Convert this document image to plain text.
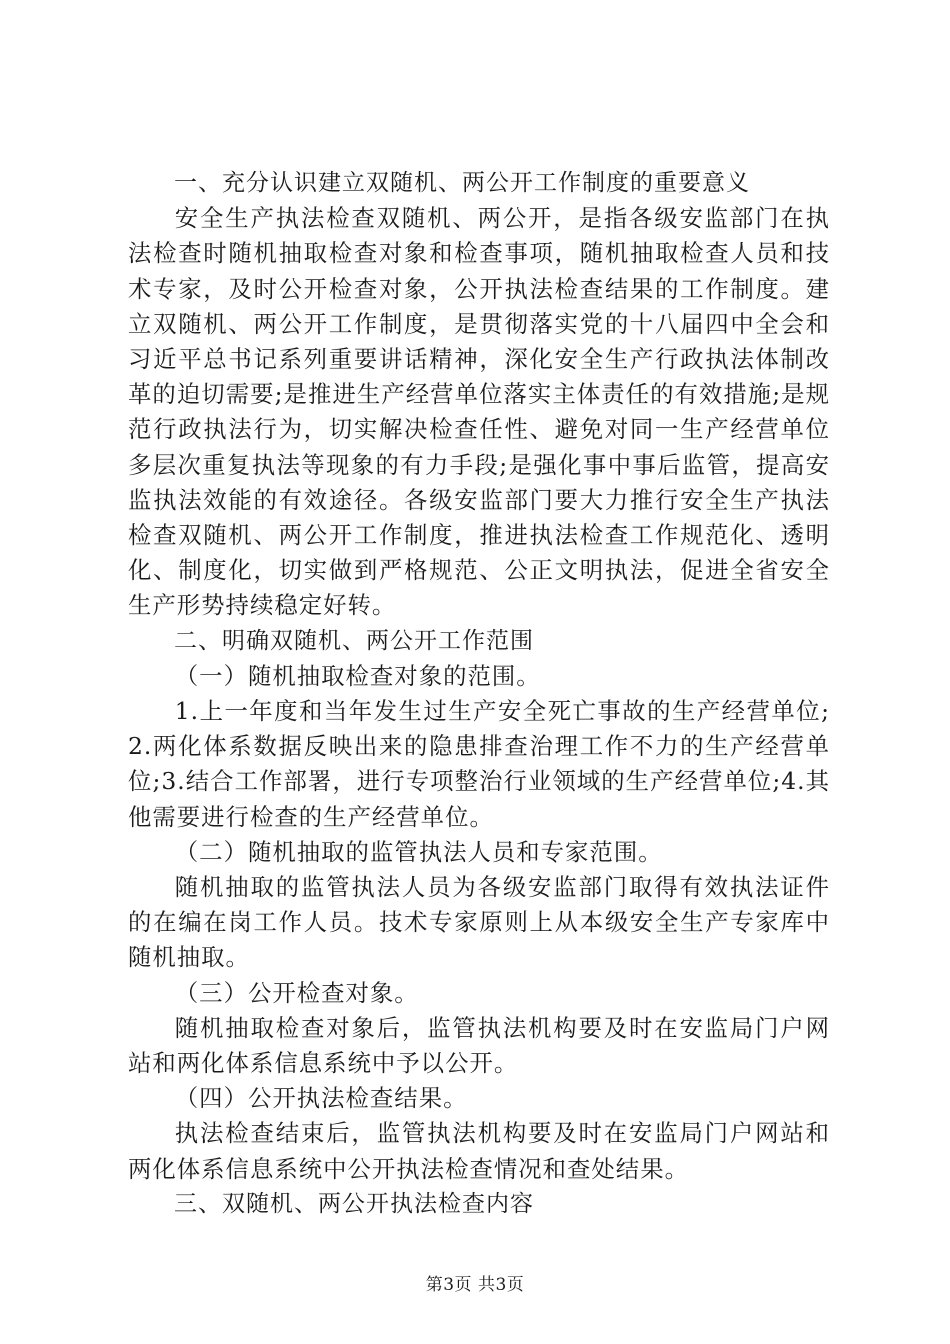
一、充分认识建立双随机、两公开工作制度的重要意义

安全生产执法检查双随机、两公开，是指各级安监部门在执法检查时随机抽取检查对象和检查事项，随机抽取检查人员和技术专家，及时公开检查对象，公开执法检查结果的工作制度。建立双随机、两公开工作制度，是贯彻落实党的十八届四中全会和习近平总书记系列重要讲话精神，深化安全生产行政执法体制改革的迫切需要;是推进生产经营单位落实主体责任的有效措施;是规范行政执法行为，切实解决检查任性、避免对同一生产经营单位多层次重复执法等现象的有力手段;是强化事中事后监管，提高安监执法效能的有效途径。各级安监部门要大力推行安全生产执法检查双随机、两公开工作制度，推进执法检查工作规范化、透明化、制度化，切实做到严格规范、公正文明执法，促进全省安全生产形势持续稳定好转。

二、明确双随机、两公开工作范围

（一）随机抽取检查对象的范围。

1.上一年度和当年发生过生产安全死亡事故的生产经营单位;2.两化体系数据反映出来的隐患排查治理工作不力的生产经营单位;3.结合工作部署，进行专项整治行业领域的生产经营单位;4.其他需要进行检查的生产经营单位。

（二）随机抽取的监管执法人员和专家范围。

随机抽取的监管执法人员为各级安监部门取得有效执法证件的在编在岗工作人员。技术专家原则上从本级安全生产专家库中随机抽取。

（三）公开检查对象。

随机抽取检查对象后，监管执法机构要及时在安监局门户网站和两化体系信息系统中予以公开。

（四）公开执法检查结果。

执法检查结束后，监管执法机构要及时在安监局门户网站和两化体系信息系统中公开执法检查情况和查处结果。

三、双随机、两公开执法检查内容

第3页 共3页
